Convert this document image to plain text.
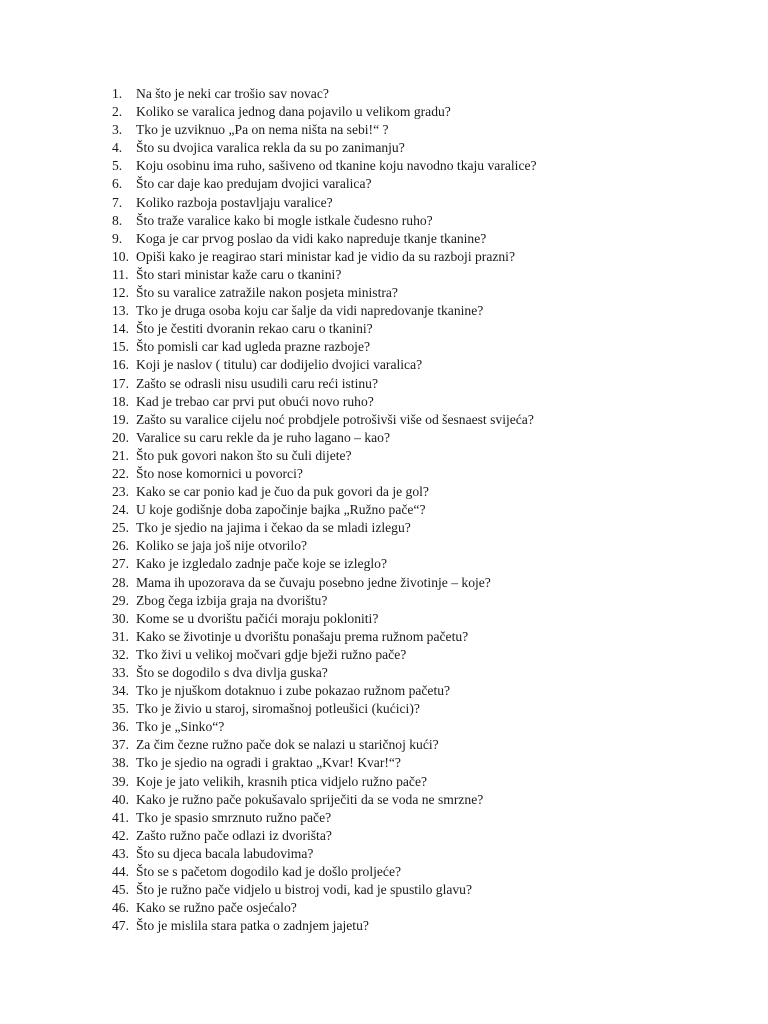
1.	Na što je neki car trošio sav novac?
2.	Koliko se varalica jednog dana pojavilo u velikom gradu?
3.	Tko je uzviknuo „Pa on nema ništa na sebi!“ ?
4.	Što su dvojica varalica rekla da su po zanimanju?
5.	Koju osobinu ima ruho, sašiveno od tkanine koju navodno tkaju varalice?
6.	Što car daje kao predujam dvojici varalica?
7.	Koliko razboja postavljaju varalice?
8.	Što traže varalice kako bi mogle istkale čudesno ruho?
9.	Koga je car prvog poslao da vidi kako napreduje tkanje tkanine?
10. Opiši kako je reagirao stari ministar kad je vidio da su razboji prazni?
11. Što stari ministar kaže caru o tkanini?
12. Što su varalice zatražile nakon posjeta ministra?
13. Tko je druga osoba koju car šalje da vidi napredovanje tkanine?
14. Što je čestiti dvoranin rekao caru o tkanini?
15. Što pomisli car kad ugleda prazne razboje?
16. Koji je naslov ( titulu) car dodijelio dvojici varalica?
17. Zašto se odrasli nisu usudili caru reći istinu?
18. Kad je trebao car prvi put obući novo ruho?
19. Zašto su varalice cijelu noć probdjele potrošivši više od šesnaest svijeća?
20. Varalice su caru rekle da je ruho lagano – kao?
21. Što puk govori nakon što su čuli dijete?
22. Što nose komornici u povorci?
23. Kako se car ponio kad je čuo da puk govori da je gol?
24. U koje godišnje doba započinje bajka „Ružno pače“?
25. Tko je sjedio na jajima i čekao da se mladi izlegu?
26. Koliko se jaja još nije otvorilo?
27. Kako je izgledalo zadnje pače koje se izleglo?
28. Mama ih upozorava da se čuvaju posebno jedne životinje – koje?
29. Zbog čega izbija graja na dvorištu?
30. Kome se u dvorištu pačići moraju pokloniti?
31. Kako se životinje u dvorištu ponašaju prema ružnom pačetu?
32. Tko živi u velikoj močvari gdje bježi ružno pače?
33. Što se dogodilo s dva divlja guska?
34. Tko je njuškom dotaknuo i zube pokazao ružnom pačetu?
35. Tko je živio u staroj, siromašnoj potleušici (kućici)?
36. Tko je „Sinko“?
37. Za čim čezne ružno pače dok se nalazi u staričnoj kući?
38. Tko je sjedio na ogradi i graktao „Kvar! Kvar!“?
39. Koje je jato velikih, krasnih ptica vidjelo ružno pače?
40. Kako je ružno pače pokušavalo spriječiti da se voda ne smrzne?
41. Tko je spasio smrznuto ružno pače?
42. Zašto ružno pače odlazi iz dvorišta?
43. Što su djeca bacala labudovima?
44. Što se s pačetom dogodilo kad je došlo proljeće?
45. Što je ružno pače vidjelo u bistroj vodi, kad je spustilo glavu?
46. Kako se ružno pače osjećalo?
47. Što je mislila stara patka o zadnjem jajetu?
